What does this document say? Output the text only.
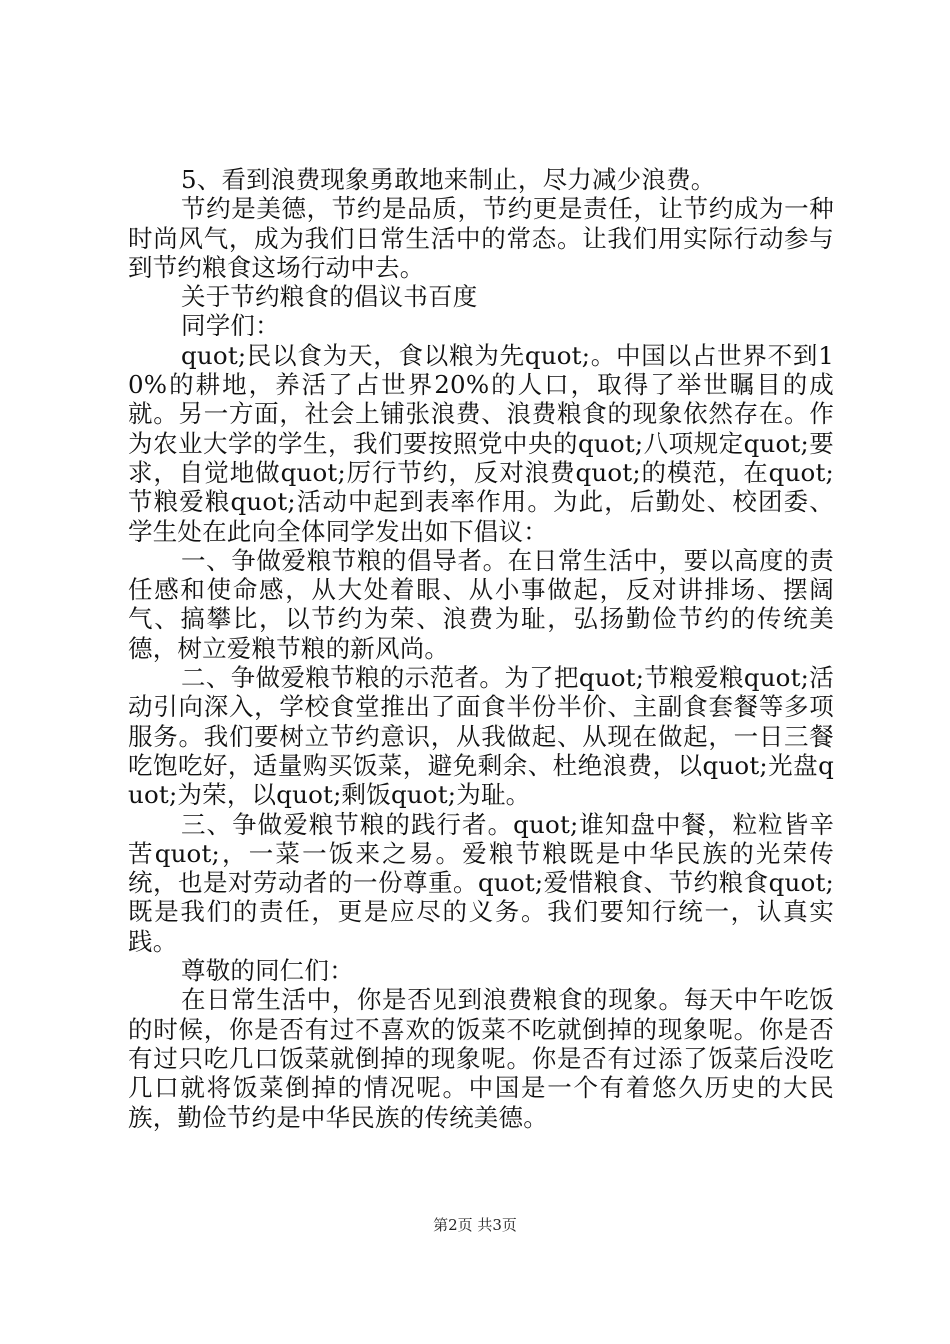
5、看到浪费现象勇敢地来制止，尽力减少浪费。

节约是美德，节约是品质，节约更是责任，让节约成为一种时尚风气，成为我们日常生活中的常态。让我们用实际行动参与到节约粮食这场行动中去。

关于节约粮食的倡议书百度

同学们：

quot;民以食为天，食以粮为先quot;。中国以占世界不到10%的耕地，养活了占世界20%的人口，取得了举世瞩目的成就。另一方面，社会上铺张浪费、浪费粮食的现象依然存在。作为农业大学的学生，我们要按照党中央的quot;八项规定quot;要求，自觉地做quot;厉行节约，反对浪费quot;的模范，在quot;节粮爱粮quot;活动中起到表率作用。为此，后勤处、校团委、学生处在此向全体同学发出如下倡议：

一、争做爱粮节粮的倡导者。在日常生活中，要以高度的责任感和使命感，从大处着眼、从小事做起，反对讲排场、摆阔气、搞攀比，以节约为荣、浪费为耻，弘扬勤俭节约的传统美德，树立爱粮节粮的新风尚。

二、争做爱粮节粮的示范者。为了把quot;节粮爱粮quot;活动引向深入，学校食堂推出了面食半份半价、主副食套餐等多项服务。我们要树立节约意识，从我做起、从现在做起，一日三餐吃饱吃好，适量购买饭菜，避免剩余、杜绝浪费，以quot;光盘quot;为荣，以quot;剩饭quot;为耻。

三、争做爱粮节粮的践行者。quot;谁知盘中餐，粒粒皆辛苦quot;，一菜一饭来之易。爱粮节粮既是中华民族的光荣传统，也是对劳动者的一份尊重。quot;爱惜粮食、节约粮食quot;既是我们的责任，更是应尽的义务。我们要知行统一，认真实践。

尊敬的同仁们：

在日常生活中，你是否见到浪费粮食的现象。每天中午吃饭的时候，你是否有过不喜欢的饭菜不吃就倒掉的现象呢。你是否有过只吃几口饭菜就倒掉的现象呢。你是否有过添了饭菜后没吃几口就将饭菜倒掉的情况呢。中国是一个有着悠久历史的大民族，勤俭节约是中华民族的传统美德。

第2页 共3页
